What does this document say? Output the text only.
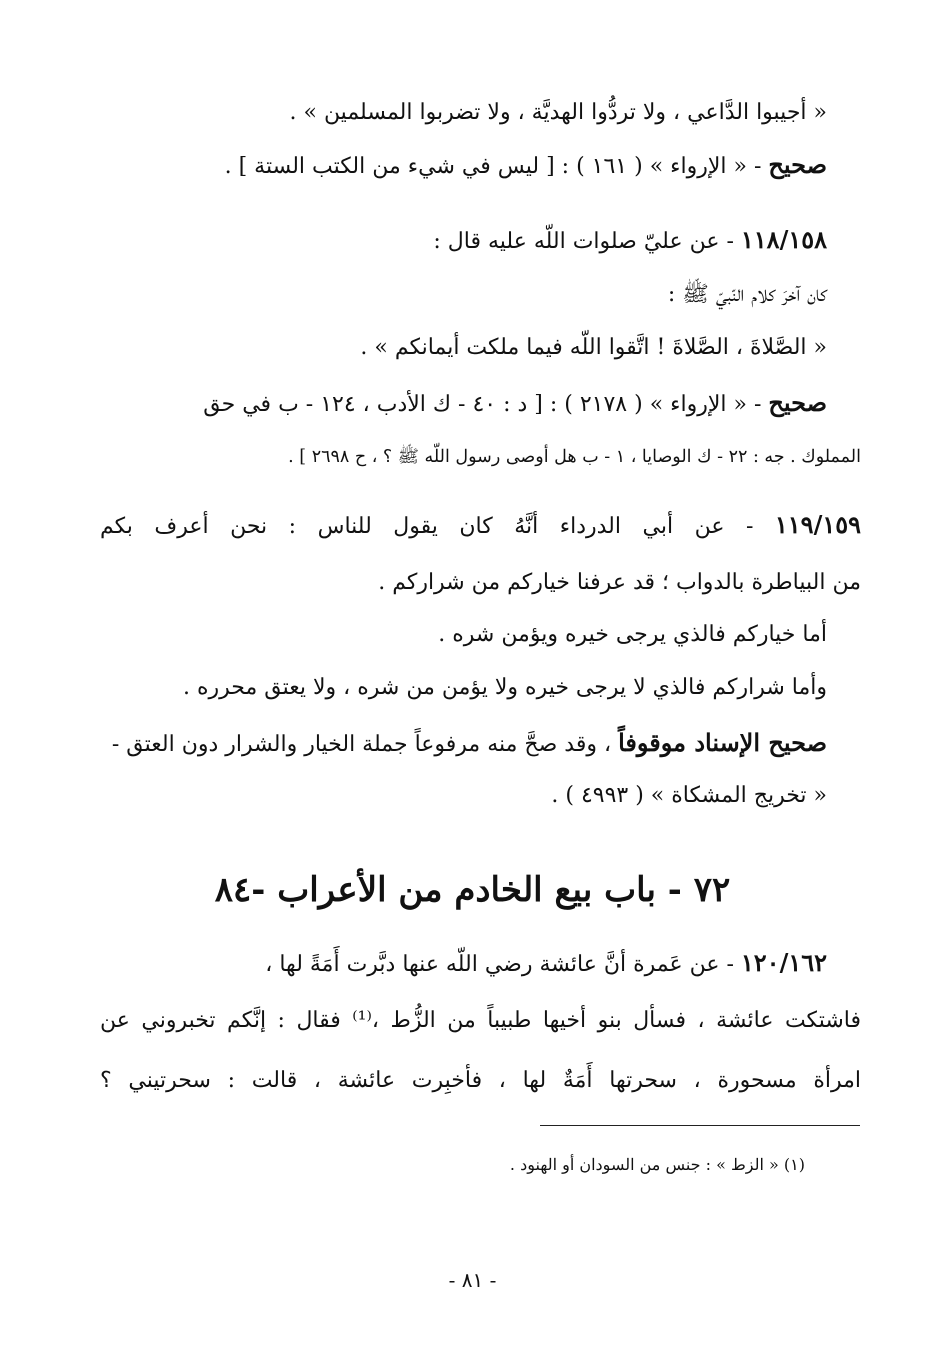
« أجيبوا الدَّاعي ، ولا تردُّوا الهديَّة ، ولا تضربوا المسلمين » .
صحيح - « الإرواء » ( ١٦١ ) : [ ليس في شيء من الكتب الستة ] .
١١٨/١٥٨ - عن عليّ صلوات اللّه عليه قال :
كان آخرَ كلام النّبيّ ﷺ :
« الصَّلاةَ ، الصَّلاةَ ! اتَّقوا اللّه فيما ملكت أيمانكم » .
صحيح - « الإرواء » ( ٢١٧٨ ) : [ د : ٤٠ - ك الأدب ، ١٢٤ - ب في حق
المملوك . جه : ٢٢ - ك الوصايا ، ١ - ب هل أوصى رسول اللّه ﷺ ؟ ، ح ٢٦٩٨ ] .
١١٩/١٥٩ - عن أبي الدرداء أنَّهُ كان يقول للناس : نحن أعرف بكم
من البياطرة بالدواب ؛ قد عرفنا خياركم من شراركم .
أما خياركم فالذي يرجى خيره ويؤمن شره .
وأما شراركم فالذي لا يرجى خيره ولا يؤمن من شره ، ولا يعتق محرره .
صحيح الإسناد موقوفاً ، وقد صحَّ منه مرفوعاً جملة الخيار والشرار دون العتق -
« تخريج المشكاة » ( ٤٩٩٣ ) .
٧٢ - باب بيع الخادم من الأعراب -٨٤
١٢٠/١٦٢ - عن عَمرة أنَّ عائشة رضي اللّه عنها دبَّرت أَمَةً لها ،
فاشتكت عائشة ، فسأل بنو أخيها طبيباً من الزُّط ،⁽¹⁾ فقال : إنَّكم تخبروني عن
امرأة مسحورة ، سحرتها أَمَةٌ لها ، فأخبِرت عائشة ، قالت : سحرتيني ؟
(١) « الزط » : جنس من السودان أو الهنود .
- ٨١ -
